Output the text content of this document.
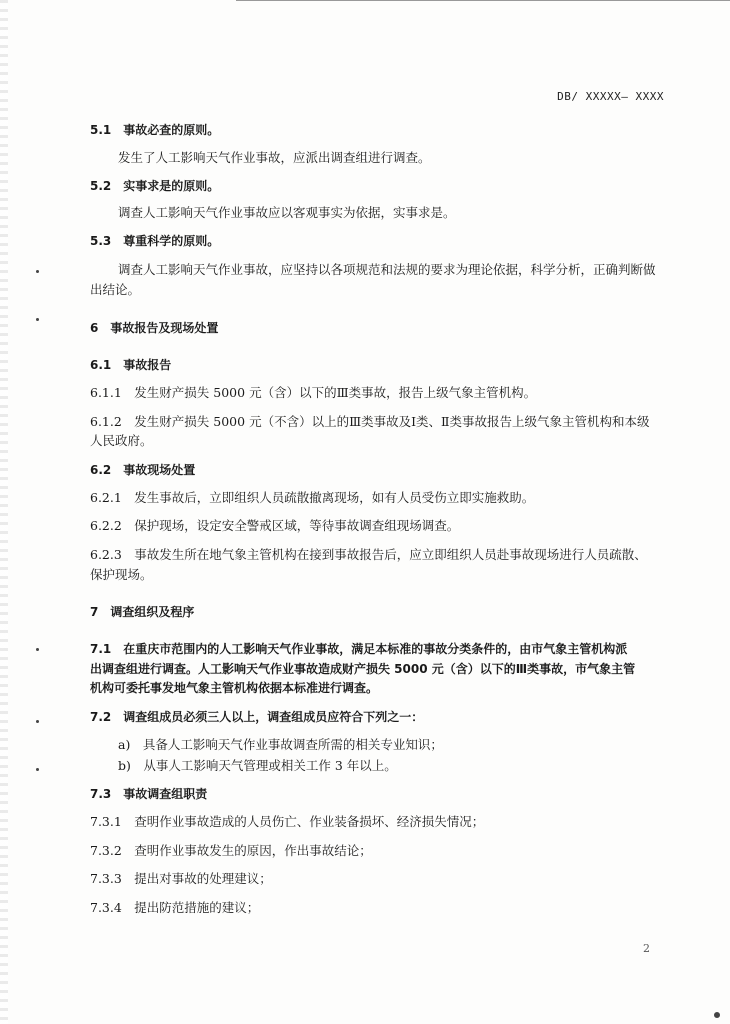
DB/ XXXXX— XXXX
5.1　事故必查的原则。
发生了人工影响天气作业事故，应派出调查组进行调查。
5.2　实事求是的原则。
调查人工影响天气作业事故应以客观事实为依据，实事求是。
5.3　尊重科学的原则。
调查人工影响天气作业事故，应坚持以各项规范和法规的要求为理论依据，科学分析，正确判断做
出结论。
6　事故报告及现场处置
6.1　事故报告
6.1.1　发生财产损失 5000 元（含）以下的Ⅲ类事故，报告上级气象主管机构。
6.1.2　发生财产损失 5000 元（不含）以上的Ⅲ类事故及Ⅰ类、Ⅱ类事故报告上级气象主管机构和本级
人民政府。
6.2　事故现场处置
6.2.1　发生事故后，立即组织人员疏散撤离现场，如有人员受伤立即实施救助。
6.2.2　保护现场，设定安全警戒区域，等待事故调查组现场调查。
6.2.3　事故发生所在地气象主管机构在接到事故报告后，应立即组织人员赴事故现场进行人员疏散、
保护现场。
7　调查组织及程序
7.1　在重庆市范围内的人工影响天气作业事故，满足本标准的事故分类条件的，由市气象主管机构派
出调查组进行调查。人工影响天气作业事故造成财产损失 5000 元（含）以下的Ⅲ类事故，市气象主管
机构可委托事发地气象主管机构依据本标准进行调查。
7.2　调查组成员必须三人以上，调查组成员应符合下列之一：
a)　具备人工影响天气作业事故调查所需的相关专业知识；
b)　从事人工影响天气管理或相关工作 3 年以上。
7.3　事故调查组职责
7.3.1　查明作业事故造成的人员伤亡、作业装备损坏、经济损失情况；
7.3.2　查明作业事故发生的原因，作出事故结论；
7.3.3　提出对事故的处理建议；
7.3.4　提出防范措施的建议；
2
